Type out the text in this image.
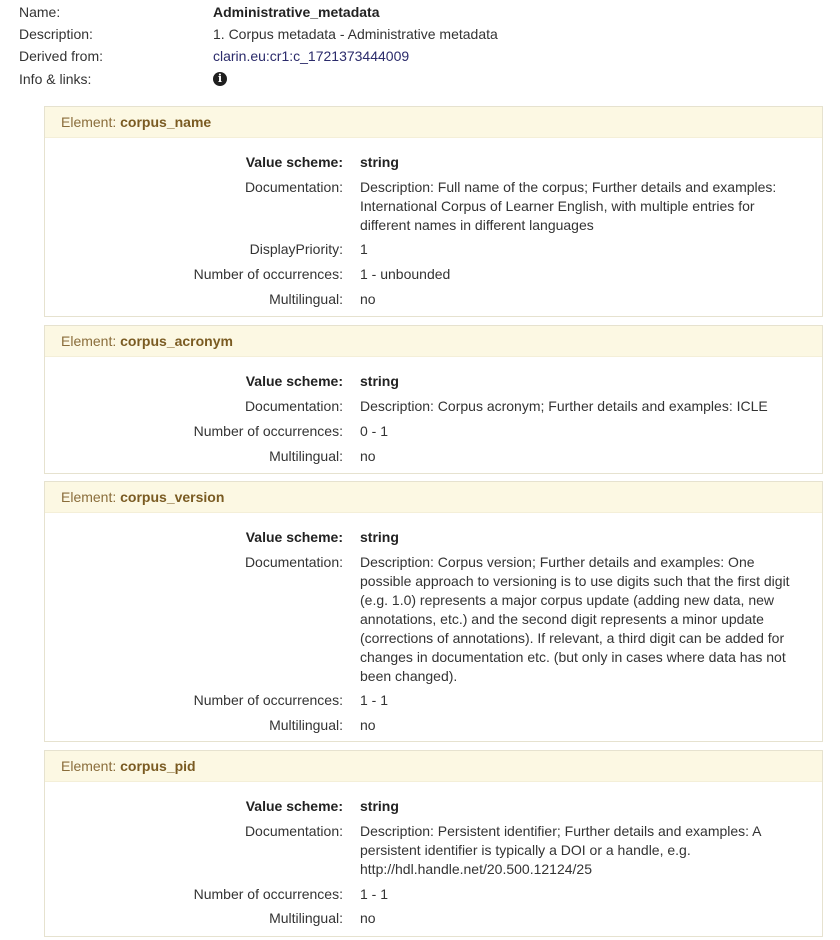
Name:	Administrative_metadata
Description:	1. Corpus metadata - Administrative metadata
Derived from:	clarin.eu:cr1:c_1721373444009
Info & links:	i
Element: corpus_name
Value scheme: string
Documentation: Description: Full name of the corpus; Further details and examples: International Corpus of Learner English, with multiple entries for different names in different languages
DisplayPriority: 1
Number of occurrences: 1 - unbounded
Multilingual: no
Element: corpus_acronym
Value scheme: string
Documentation: Description: Corpus acronym; Further details and examples: ICLE
Number of occurrences: 0 - 1
Multilingual: no
Element: corpus_version
Value scheme: string
Documentation: Description: Corpus version; Further details and examples: One possible approach to versioning is to use digits such that the first digit (e.g. 1.0) represents a major corpus update (adding new data, new annotations, etc.) and the second digit represents a minor update (corrections of annotations). If relevant, a third digit can be added for changes in documentation etc. (but only in cases where data has not been changed).
Number of occurrences: 1 - 1
Multilingual: no
Element: corpus_pid
Value scheme: string
Documentation: Description: Persistent identifier; Further details and examples: A persistent identifier is typically a DOI or a handle, e.g. http://hdl.handle.net/20.500.12124/25
Number of occurrences: 1 - 1
Multilingual: no
